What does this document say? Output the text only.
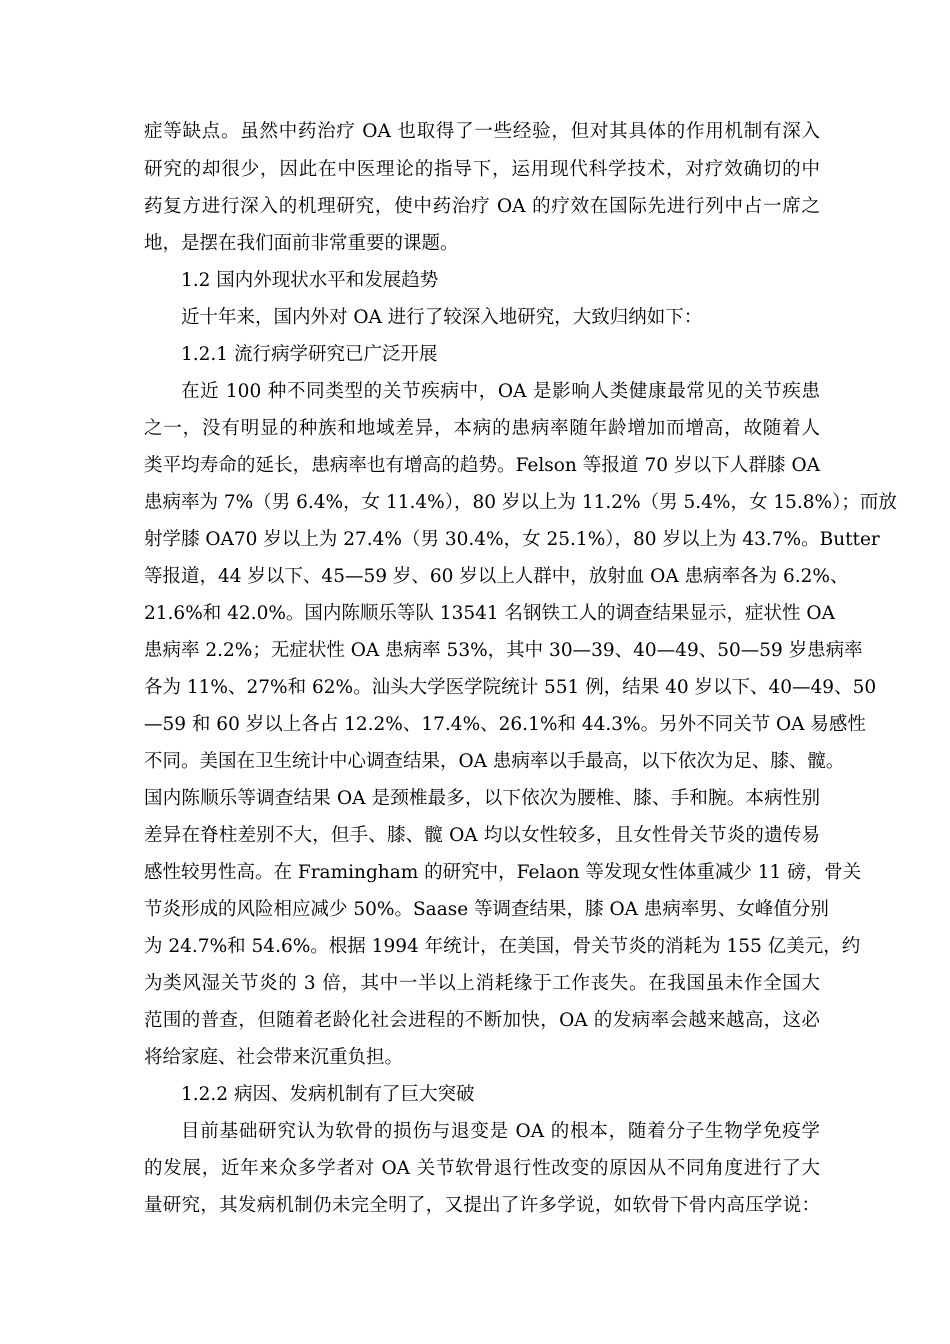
症等缺点。虽然中药治疗 OA 也取得了一些经验，但对其具体的作用机制有深入
研究的却很少，因此在中医理论的指导下，运用现代科学技术，对疗效确切的中
药复方进行深入的机理研究，使中药治疗 OA 的疗效在国际先进行列中占一席之
地，是摆在我们面前非常重要的课题。
1.2 国内外现状水平和发展趋势
近十年来，国内外对 OA 进行了较深入地研究，大致归纳如下：
1.2.1 流行病学研究已广泛开展
在近 100 种不同类型的关节疾病中，OA 是影响人类健康最常见的关节疾患
之一，没有明显的种族和地域差异，本病的患病率随年龄增加而增高，故随着人
类平均寿命的延长，患病率也有增高的趋势。Felson 等报道 70 岁以下人群膝 OA
患病率为 7%（男 6.4%，女 11.4%），80 岁以上为 11.2%（男 5.4%，女 15.8%）；而放
射学膝 OA70 岁以上为 27.4%（男 30.4%，女 25.1%），80 岁以上为 43.7%。Butter
等报道，44 岁以下、45—59 岁、60 岁以上人群中，放射血 OA 患病率各为 6.2%、
21.6%和 42.0%。国内陈顺乐等队 13541 名钢铁工人的调查结果显示，症状性 OA
患病率 2.2%；无症状性 OA 患病率 53%，其中 30—39、40—49、50—59 岁患病率
各为 11%、27%和 62%。汕头大学医学院统计 551 例，结果 40 岁以下、40—49、50
—59 和 60 岁以上各占 12.2%、17.4%、26.1%和 44.3%。另外不同关节 OA 易感性
不同。美国在卫生统计中心调查结果，OA 患病率以手最高，以下依次为足、膝、髋。
国内陈顺乐等调查结果 OA 是颈椎最多，以下依次为腰椎、膝、手和腕。本病性别
差异在脊柱差别不大，但手、膝、髋 OA 均以女性较多，且女性骨关节炎的遗传易
感性较男性高。在 Framingham 的研究中，Felaon 等发现女性体重减少 11 磅，骨关
节炎形成的风险相应减少 50%。Saase 等调查结果，膝 OA 患病率男、女峰值分别
为 24.7%和 54.6%。根据 1994 年统计，在美国，骨关节炎的消耗为 155 亿美元，约
为类风湿关节炎的 3 倍，其中一半以上消耗缘于工作丧失。在我国虽未作全国大
范围的普查，但随着老龄化社会进程的不断加快，OA 的发病率会越来越高，这必
将给家庭、社会带来沉重负担。
1.2.2 病因、发病机制有了巨大突破
目前基础研究认为软骨的损伤与退变是 OA 的根本，随着分子生物学免疫学
的发展，近年来众多学者对 OA 关节软骨退行性改变的原因从不同角度进行了大
量研究，其发病机制仍未完全明了，又提出了许多学说，如软骨下骨内高压学说：
